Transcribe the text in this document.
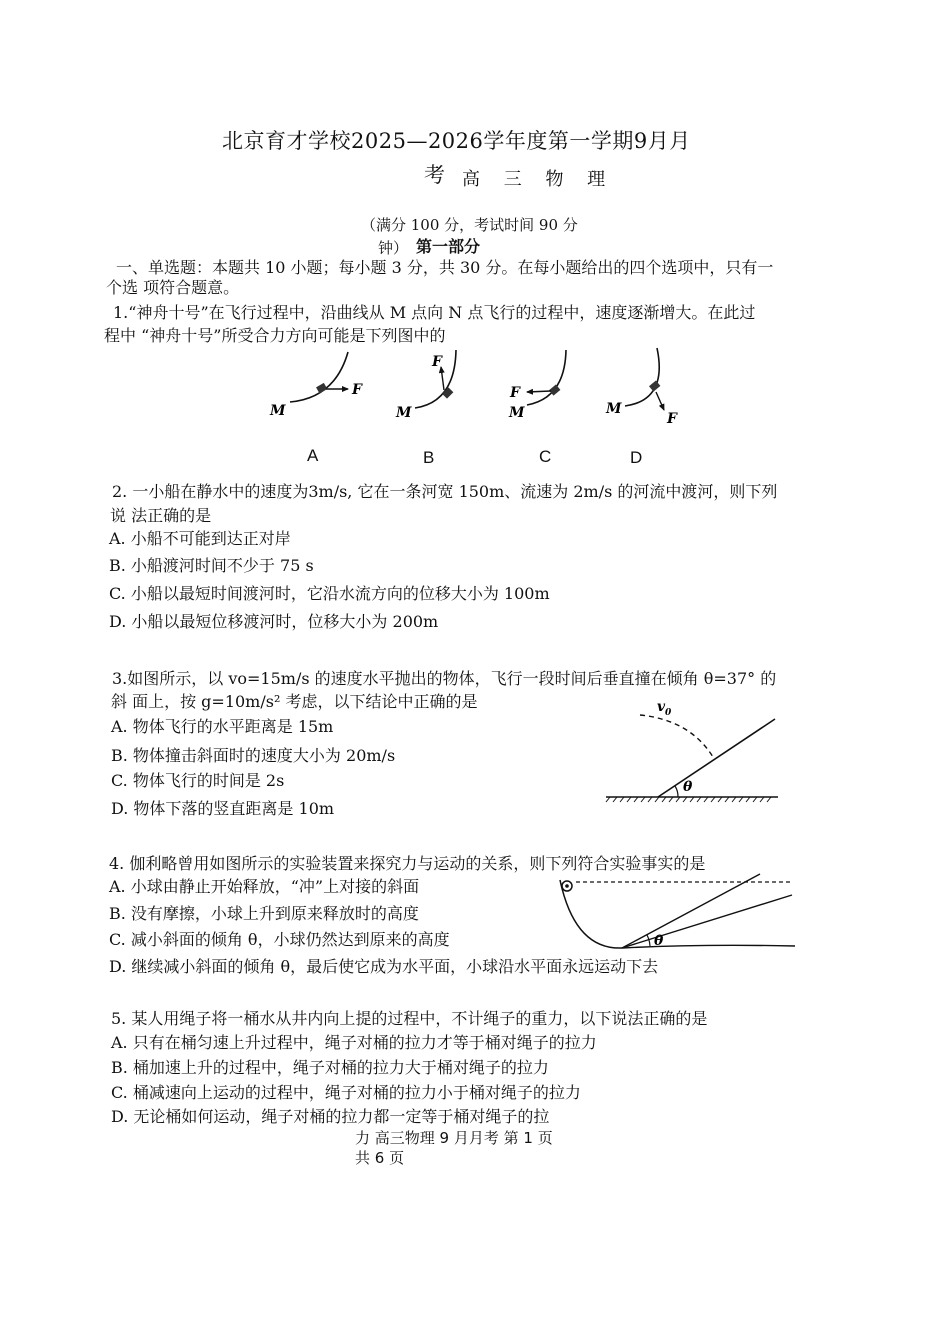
北京育才学校2025—2026学年度第一学期9月月
考 高 三 物 理
（满分 100 分，考试时间 90 分
钟） 第一部分
一、单选题：本题共 10 小题；每小题 3 分，共 30 分。在每小题给出的四个选项中，只有一
个选 项符合题意。
1.“神舟十号”在飞行过程中，沿曲线从 M 点向 N 点飞行的过程中，速度逐渐增大。在此过
程中 “神舟十号”所受合力方向可能是下列图中的
M
F
M
F
M
F
M
F
A	B	C	D
2. 一小船在静水中的速度为3m/s, 它在一条河宽 150m、流速为 2m/s 的河流中渡河，则下列
说 法正确的是
A. 小船不可能到达正对岸
B. 小船渡河时间不少于 75 s
C. 小船以最短时间渡河时，它沿水流方向的位移大小为 100m
D. 小船以最短位移渡河时，位移大小为 200m
3.如图所示，以 vo=15m/s 的速度水平抛出的物体，飞行一段时间后垂直撞在倾角 θ=37° 的
斜 面上，按 g=10m/s² 考虑，以下结论中正确的是
A. 物体飞行的水平距离是 15m
B. 物体撞击斜面时的速度大小为 20m/s
C. 物体飞行的时间是 2s
D. 物体下落的竖直距离是 10m
v 0
θ
4. 伽利略曾用如图所示的实验装置来探究力与运动的关系，则下列符合实验事实的是
A. 小球由静止开始释放，“冲”上对接的斜面
B. 没有摩擦，小球上升到原来释放时的高度
C. 减小斜面的倾角 θ，小球仍然达到原来的高度
D. 继续减小斜面的倾角 θ，最后使它成为水平面，小球沿水平面永远运动下去
θ
5. 某人用绳子将一桶水从井内向上提的过程中，不计绳子的重力，以下说法正确的是
A. 只有在桶匀速上升过程中，绳子对桶的拉力才等于桶对绳子的拉力
B. 桶加速上升的过程中，绳子对桶的拉力大于桶对绳子的拉力
C. 桶减速向上运动的过程中，绳子对桶的拉力小于桶对绳子的拉力
D. 无论桶如何运动，绳子对桶的拉力都一定等于桶对绳子的拉
力 高三物理 9 月月考 第 1 页
共 6 页
